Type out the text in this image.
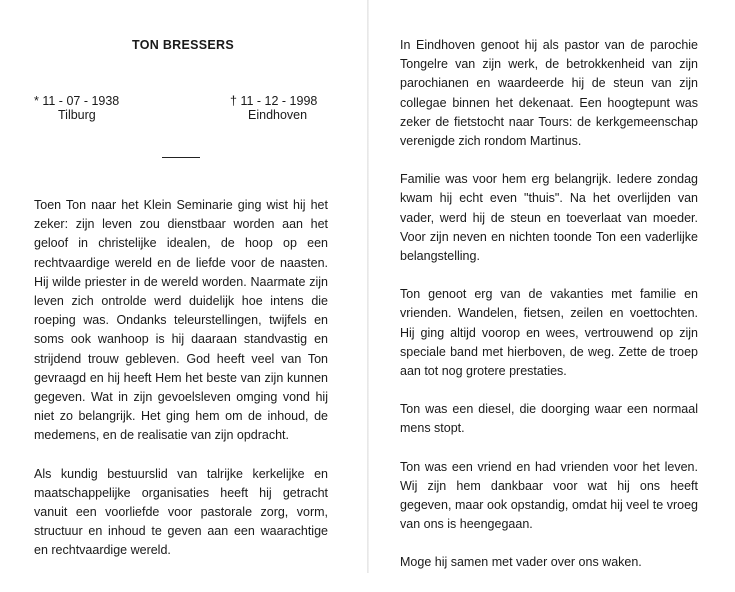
TON BRESSERS
* 11 - 07 - 1938
Tilburg
† 11 - 12 - 1998
Eindhoven

Toen Ton naar het Klein Seminarie ging wist hij het zeker: zijn leven zou dienstbaar worden aan het geloof in christelijke idealen, de hoop op een rechtvaardige wereld en de liefde voor de naasten. Hij wilde priester in de wereld worden. Naarmate zijn leven zich ontrolde werd duidelijk hoe intens die roeping was. Ondanks teleurstellingen, twijfels en soms ook wanhoop is hij daaraan standvastig en strijdend trouw gebleven. God heeft veel van Ton gevraagd en hij heeft Hem het beste van zijn kunnen gegeven. Wat in zijn gevoelsleven omging vond hij niet zo belangrijk. Het ging hem om de inhoud, de medemens, en de realisatie van zijn opdracht.

Als kundig bestuurslid van talrijke kerkelijke en maatschappelijke organisaties heeft hij getracht vanuit een voorliefde voor pastorale zorg, vorm, structuur en inhoud te geven aan een waarachtige en rechtvaardige wereld.

In Eindhoven genoot hij als pastor van de parochie Tongelre van zijn werk, de betrokkenheid van zijn parochianen en waardeerde hij de steun van zijn collegae binnen het dekenaat. Een hoogtepunt was zeker de fietstocht naar Tours: de kerkgemeenschap verenigde zich rondom Martinus.

Familie was voor hem erg belangrijk. Iedere zondag kwam hij echt even "thuis". Na het overlijden van vader, werd hij de steun en toeverlaat van moeder. Voor zijn neven en nichten toonde Ton een vaderlijke belangstelling.

Ton genoot erg van de vakanties met familie en vrienden. Wandelen, fietsen, zeilen en voettochten. Hij ging altijd voorop en wees, vertrouwend op zijn speciale band met hierboven, de weg. Zette de troep aan tot nog grotere prestaties.

Ton was een diesel, die doorging waar een normaal mens stopt.

Ton was een vriend en had vrienden voor het leven. Wij zijn hem dankbaar voor wat hij ons heeft gegeven, maar ook opstandig, omdat hij veel te vroeg van ons is heengegaan.

Moge hij samen met vader over ons waken.
